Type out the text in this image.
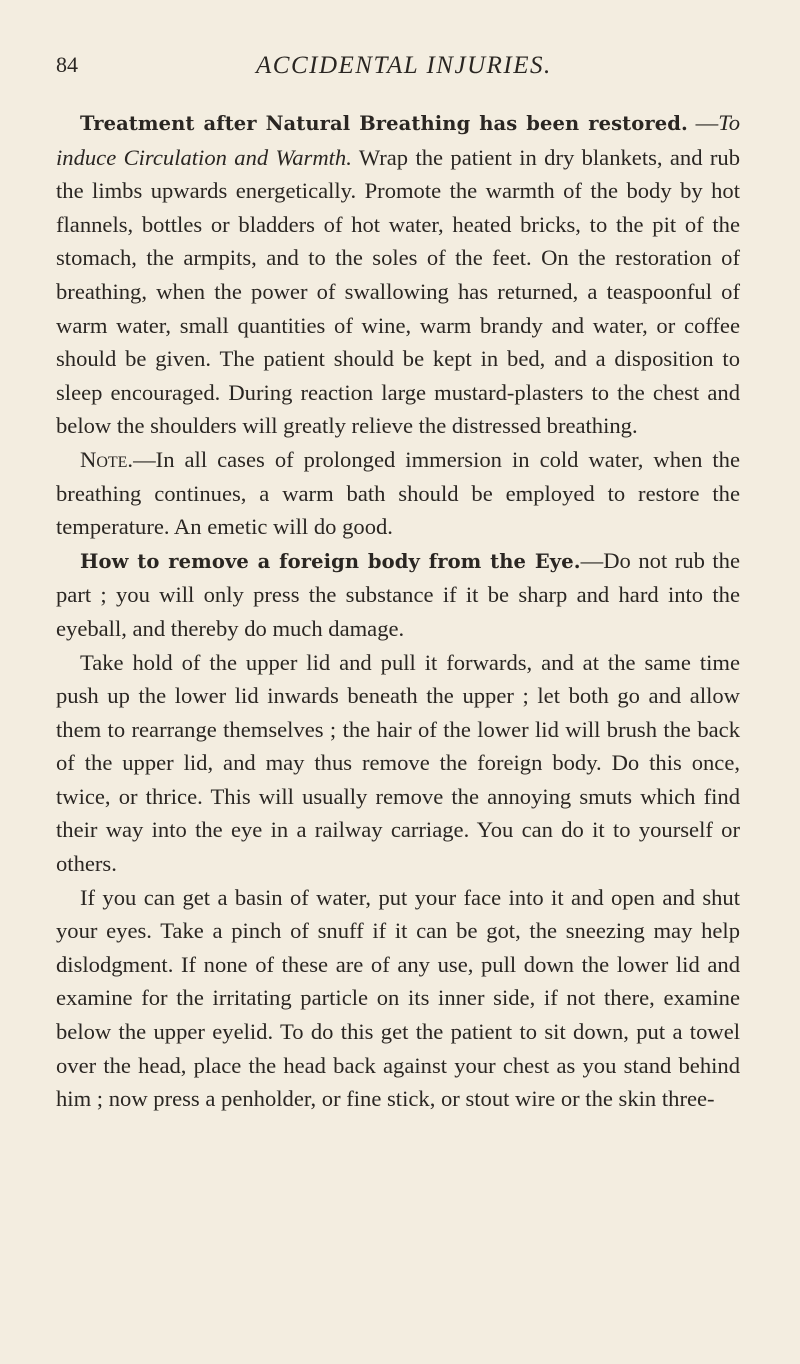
84	ACCIDENTAL INJURIES.

Treatment after Natural Breathing has been restored. —To induce Circulation and Warmth. Wrap the patient in dry blankets, and rub the limbs upwards energetically. Promote the warmth of the body by hot flannels, bottles or bladders of hot water, heated bricks, to the pit of the stomach, the armpits, and to the soles of the feet. On the restoration of breathing, when the power of swallowing has returned, a teaspoonful of warm water, small quantities of wine, warm brandy and water, or coffee should be given. The patient should be kept in bed, and a disposition to sleep encouraged. During reaction large mustard-plasters to the chest and below the shoulders will greatly relieve the distressed breathing.

Note.—In all cases of prolonged immersion in cold water, when the breathing continues, a warm bath should be employed to restore the temperature. An emetic will do good.

How to remove a foreign body from the Eye.—Do not rub the part ; you will only press the substance if it be sharp and hard into the eyeball, and thereby do much damage.

Take hold of the upper lid and pull it forwards, and at the same time push up the lower lid inwards beneath the upper ; let both go and allow them to rearrange themselves ; the hair of the lower lid will brush the back of the upper lid, and may thus remove the foreign body. Do this once, twice, or thrice. This will usually remove the annoying smuts which find their way into the eye in a railway carriage. You can do it to yourself or others.

If you can get a basin of water, put your face into it and open and shut your eyes. Take a pinch of snuff if it can be got, the sneezing may help dislodgment. If none of these are of any use, pull down the lower lid and examine for the irritating particle on its inner side, if not there, examine below the upper eyelid. To do this get the patient to sit down, put a towel over the head, place the head back against your chest as you stand behind him ; now press a penholder, or fine stick, or stout wire or the skin three-
